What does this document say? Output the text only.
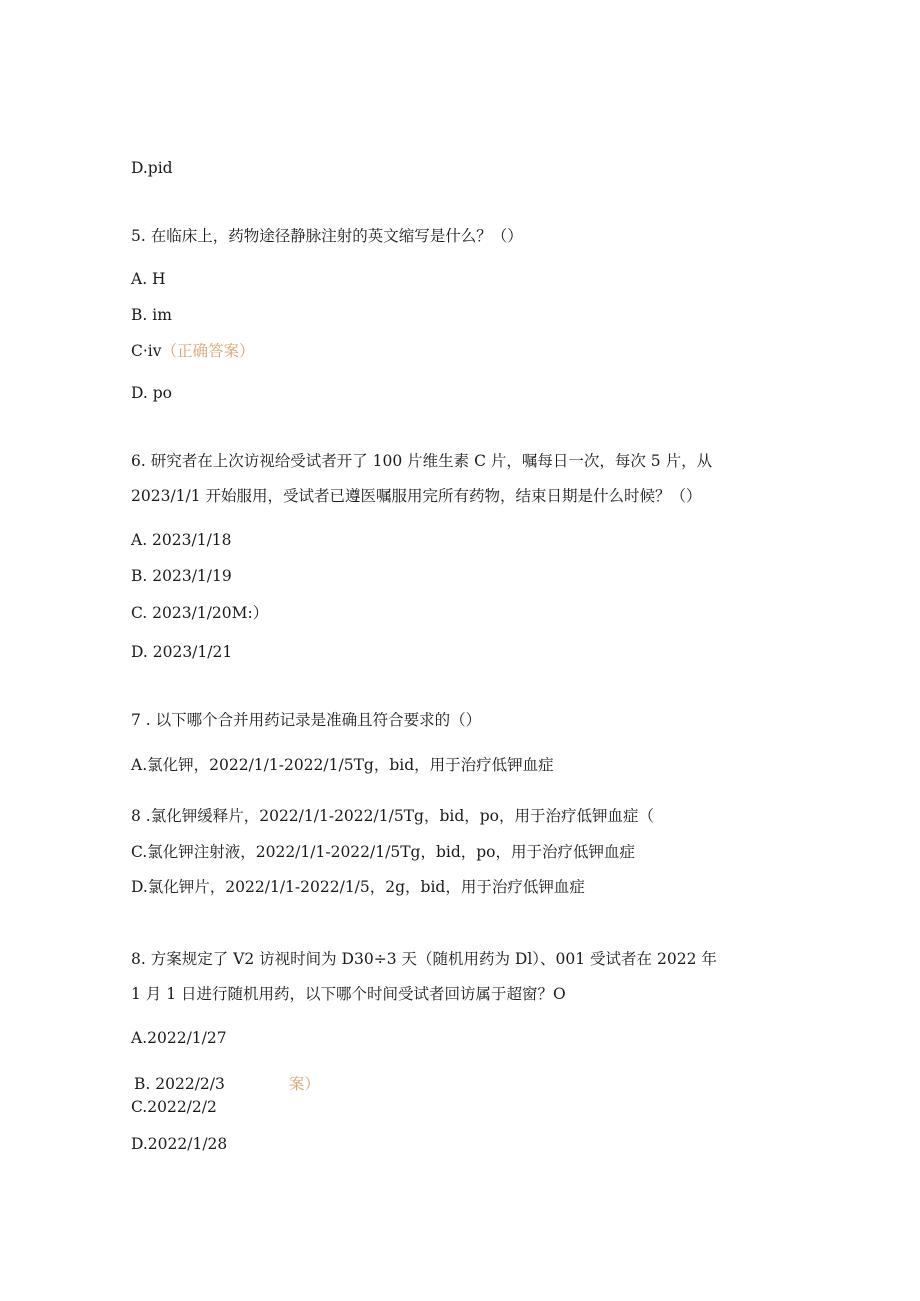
D.pid
5. 在临床上，药物途径静脉注射的英文缩写是什么？（）
A. H
B. im
C·iv（正确答案）
D. po
6. 研究者在上次访视给受试者开了 100 片维生素 C 片，嘱每日一次，每次 5 片，从
2023/1/1 开始服用，受试者已遵医嘱服用完所有药物，结束日期是什么时候？（）
A. 2023/1/18
B. 2023/1/19
C. 2023/1/20M:）
D. 2023/1/21
7 . 以下哪个合并用药记录是准确且符合要求的（）
A.氯化钾，2022/1/1-2022/1/5Tg，bid，用于治疗低钾血症
8 .氯化钾缓释片，2022/1/1-2022/1/5Tg，bid，po，用于治疗低钾血症（
C.氯化钾注射液，2022/1/1-2022/1/5Tg，bid，po，用于治疗低钾血症
D.氯化钾片，2022/1/1-2022/1/5，2g，bid，用于治疗低钾血症
8. 方案规定了 V2 访视时间为 D30÷3 天（随机用药为 Dl）、001 受试者在 2022 年
1 月 1 日进行随机用药，以下哪个时间受试者回访属于超窗？O
A.2022/1/27
B. 2022/2/3	案）
C.2022/2/2
D.2022/1/28
